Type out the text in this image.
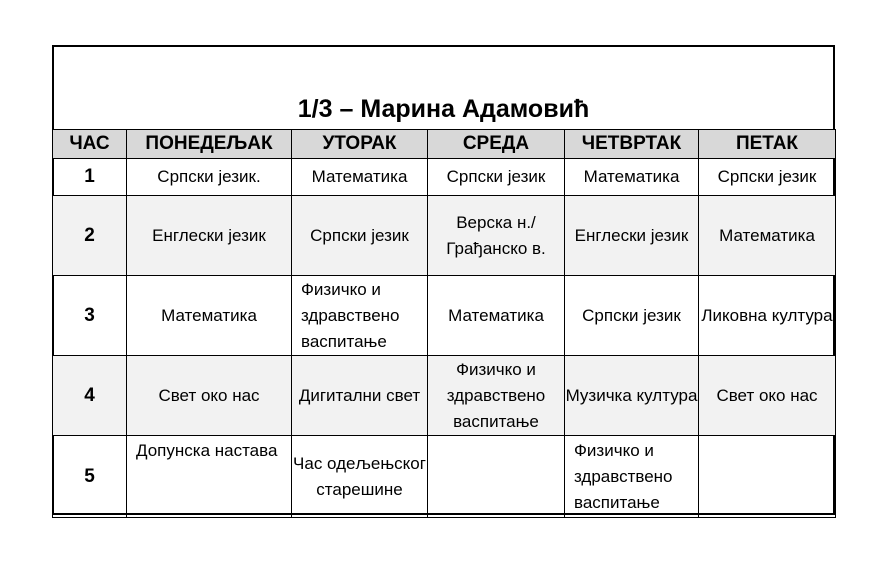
1/3 – Марина Адамовић
ЧАС	ПОНЕДЕЉАК	УТОРАК	СРЕДА	ЧЕТВРТАК	ПЕТАК
1	Српски језик.	Математика	Српски језик	Математика	Српски језик
2	Енглески језик	Српски језик	Верска н./Грађанско в.	Енглески језик	Математика
3	Математика	Физичко и здравствено васпитање	Математика	Српски језик	Ликовна култура
4	Свет око нас	Дигитални свет	Физичко и здравствено васпитање	Музичка култура	Свет око нас
5	Допунска настава	Час одељењског старешине		Физичко и здравствено васпитање	
